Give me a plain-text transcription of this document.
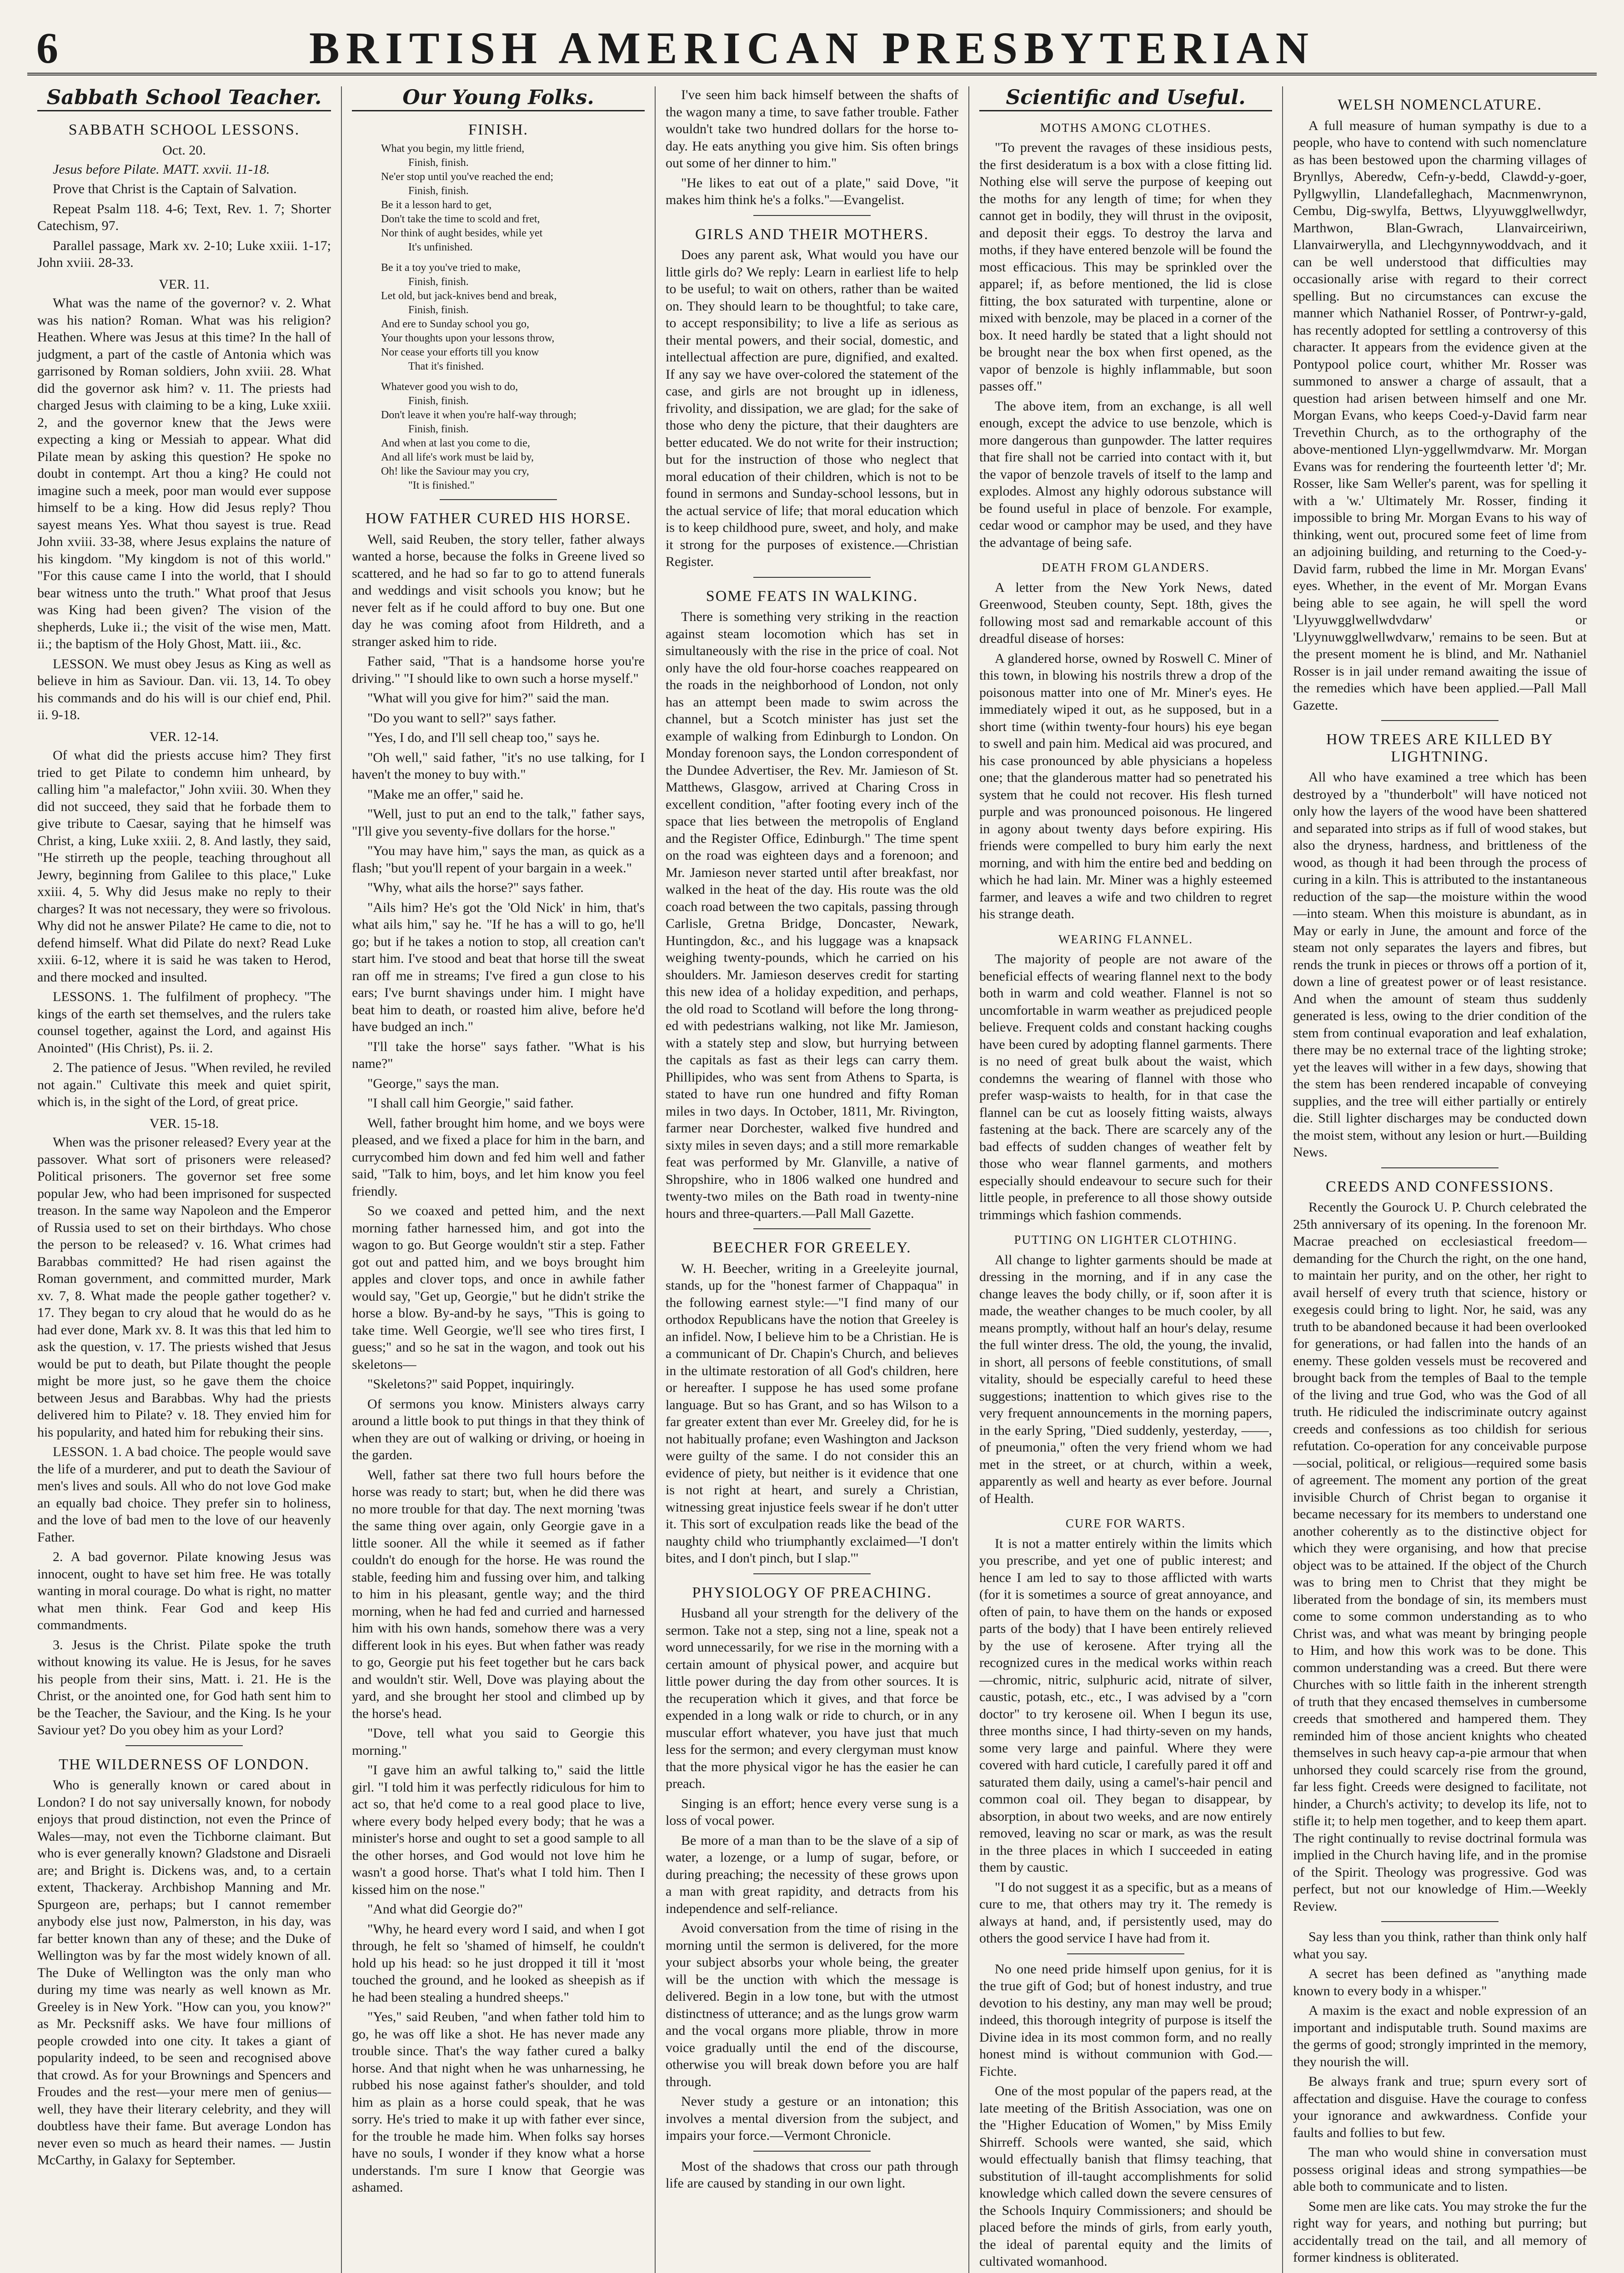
6	BRITISH AMERICAN PRESBYTERIAN
Sabbath School Teacher.
SABBATH SCHOOL LESSONS.
Oct. 20.

Jesus before Pilate. MATT. xxvii. 11-18.

Prove that Christ is the Captain of Salvation.

Repeat Psalm 118. 4-6; Text, Rev. 1. 7; Shorter Catechism, 97.

Parallel passage, Mark xv. 2-10; Luke xxiii. 1-17; John xviii. 28-33.

VER. 11.

What was the name of the governor? v. 2. What was his nation? Roman. What was his religion? Heathen. Where was Jesus at this time? In the hall of judgment, a part of the castle of Antonia which was garrisoned by Roman soldiers, John xviii. 28. What did the governor ask him? v. 11. The priests had charged Jesus with claiming to be a king, Luke xxiii. 2, and the governor knew that the Jews were expecting a king or Messiah to appear. What did Pilate mean by asking this question? He spoke no doubt in contempt. Art thou a king? He could not imagine such a meek, poor man would ever suppose himself to be a king. How did Jesus reply? Thou sayest means Yes. What thou sayest is true. Read John xviii. 33-38, where Jesus explains the nature of his kingdom. "My kingdom is not of this world." "For this cause came I into the world, that I should bear witness unto the truth." What proof that Jesus was King had been given? The vision of the shepherds, Luke ii.; the visit of the wise men, Matt. ii.; the baptism of the Holy Ghost, Matt. iii., &c.

LESSON. We must obey Jesus as King as well as believe in him as Saviour. Dan. vii. 13, 14. To obey his commands and do his will is our chief end, Phil. ii. 9-18.

VER. 12-14.

Of what did the priests accuse him? They first tried to get Pilate to condemn him unheard, by calling him "a malefactor," John xviii. 30. When they did not succeed, they said that he forbade them to give tribute to Caesar, saying that he himself was Christ, a king, Luke xxiii. 2, 8. And lastly, they said, "He stirreth up the people, teaching throughout all Jewry, beginning from Galilee to this place," Luke xxiii. 4, 5. Why did Jesus make no reply to their charges? It was not necessary, they were so frivolous. Why did not he answer Pilate? He came to die, not to defend himself. What did Pilate do next? Read Luke xxiii. 6-12, where it is said he was taken to Herod, and there mocked and insulted.

LESSONS. 1. The fulfilment of prophecy. "The kings of the earth set themselves, and the rulers take counsel together, against the Lord, and against His Anointed" (His Christ), Ps. ii. 2.

2. The patience of Jesus. "When reviled, he reviled not again." Cultivate this meek and quiet spirit, which is, in the sight of the Lord, of great price.

VER. 15-18.

When was the prisoner released? Every year at the passover. What sort of prisoners were released? Political prisoners. The governor set free some popular Jew, who had been imprisoned for suspected treason. In the same way Napoleon and the Emperor of Russia used to set on their birthdays. Who chose the person to be released? v. 16. What crimes had Barabbas committed? He had risen against the Roman government, and committed murder, Mark xv. 7, 8. What made the people gather together? v. 17. They began to cry aloud that he would do as he had ever done, Mark xv. 8. It was this that led him to ask the question, v. 17. The priests wished that Jesus would be put to death, but Pilate thought the people might be more just, so he gave them the choice between Jesus and Barabbas. Why had the priests delivered him to Pilate? v. 18. They envied him for his popularity, and hated him for rebuking their sins.

LESSON. 1. A bad choice. The people would save the life of a murderer, and put to death the Saviour of men's lives and souls. All who do not love God make an equally bad choice. They prefer sin to holiness, and the love of bad men to the love of our heavenly Father.

2. A bad governor. Pilate knowing Jesus was innocent, ought to have set him free. He was totally wanting in moral courage. Do what is right, no matter what men think. Fear God and keep His commandments.

3. Jesus is the Christ. Pilate spoke the truth without knowing its value. He is Jesus, for he saves his people from their sins, Matt. i. 21. He is the Christ, or the anointed one, for God hath sent him to be the Teacher, the Saviour, and the King. Is he your Saviour yet? Do you obey him as your Lord?

THE WILDERNESS OF LONDON.

Who is generally known or cared about in London? I do not say universally known, for nobody enjoys that proud distinction, not even the Prince of Wales—may, not even the Tichborne claimant. But who is ever generally known? Gladstone and Disraeli are; and Bright is. Dickens was, and, to a certain extent, Thackeray. Archbishop Manning and Mr. Spurgeon are, perhaps; but I cannot remember anybody else just now, Palmerston, in his day, was far better known than any of these; and the Duke of Wellington was by far the most widely known of all. The Duke of Wellington was the only man who during my time was nearly as well known as Mr. Greeley is in New York. "How can you, you know?" as Mr. Pecksniff asks. We have four millions of people crowded into one city. It takes a giant of popularity indeed, to be seen and recognised above that crowd. As for your Brownings and Spencers and Froudes and the rest—your mere men of genius—well, they have their literary celebrity, and they will doubtless have their fame. But average London has never even so much as heard their names. — Justin McCarthy, in Galaxy for September.

Our Young Folks.
FINISH.

What you begin, my little friend,

Finish, finish.

Ne'er stop until you've reached the end;

Finish, finish.

Be it a lesson hard to get,

Don't take the time to scold and fret,

Nor think of aught besides, while yet

It's unfinished.

Be it a toy you've tried to make,

Finish, finish.

Let old, but jack-knives bend and break,

Finish, finish.

And ere to Sunday school you go,

Your thoughts upon your lessons throw,

Nor cease your efforts till you know

That it's finished.

Whatever good you wish to do,

Finish, finish.

Don't leave it when you're half-way through;

Finish, finish.

And when at last you come to die,

And all life's work must be laid by,

Oh! like the Saviour may you cry,

"It is finished."

HOW FATHER CURED HIS HORSE.

Well, said Reuben, the story teller, father always wanted a horse, because the folks in Greene lived so scattered, and he had so far to go to attend funerals and weddings and visit schools you know; but he never felt as if he could afford to buy one. But one day he was coming afoot from Hildreth, and a stranger asked him to ride.

Father said, "That is a handsome horse you're driving." "I should like to own such a horse myself."

"What will you give for him?" said the man.

"Do you want to sell?" says father.

"Yes, I do, and I'll sell cheap too," says he.

"Oh well," said father, "it's no use talking, for I haven't the money to buy with."

"Make me an offer," said he.

"Well, just to put an end to the talk," father says, "I'll give you seventy-five dollars for the horse."

"You may have him," says the man, as quick as a flash; "but you'll repent of your bargain in a week."

"Why, what ails the horse?" says father.

"Ails him? He's got the 'Old Nick' in him, that's what ails him," say he. "If he has a will to go, he'll go; but if he takes a notion to stop, all creation can't start him. I've stood and beat that horse till the sweat ran off me in streams; I've fired a gun close to his ears; I've burnt shavings under him. I might have beat him to death, or roasted him alive, before he'd have budged an inch."

"I'll take the horse" says father. "What is his name?"

"George," says the man.

"I shall call him Georgie," said father.

Well, father brought him home, and we boys were pleased, and we fixed a place for him in the barn, and currycombed him down and fed him well and father said, "Talk to him, boys, and let him know you feel friendly.

So we coaxed and petted him, and the next morning father harnessed him, and got into the wagon to go. But George wouldn't stir a step. Father got out and patted him, and we boys brought him apples and clover tops, and once in awhile father would say, "Get up, Georgie," but he didn't strike the horse a blow. By-and-by he says, "This is going to take time. Well Georgie, we'll see who tires first, I guess;" and so he sat in the wagon, and took out his skeletons—

"Skeletons?" said Poppet, inquiringly.

Of sermons you know. Ministers always carry around a little book to put things in that they think of when they are out of walking or driving, or hoeing in the garden.

Well, father sat there two full hours before the horse was ready to start; but, when he did there was no more trouble for that day. The next morning 'twas the same thing over again, only Georgie gave in a little sooner. All the while it seemed as if father couldn't do enough for the horse. He was round the stable, feeding him and fussing over him, and talking to him in his pleasant, gentle way; and the third morning, when he had fed and curried and harnessed him with his own hands, somehow there was a very different look in his eyes. But when father was ready to go, Georgie put his feet together but he cars back and wouldn't stir. Well, Dove was playing about the yard, and she brought her stool and climbed up by the horse's head.

"Dove, tell what you said to Georgie this morning."

"I gave him an awful talking to," said the little girl. "I told him it was perfectly ridiculous for him to act so, that he'd come to a real good place to live, where every body helped every body; that he was a minister's horse and ought to set a good sample to all the other horses, and God would not love him he wasn't a good horse. That's what I told him. Then I kissed him on the nose."

"And what did Georgie do?"

"Why, he heard every word I said, and when I got through, he felt so 'shamed of himself, he couldn't hold up his head: so he just dropped it till it 'most touched the ground, and he looked as sheepish as if he had been stealing a hundred sheeps."

"Yes," said Reuben, "and when father told him to go, he was off like a shot. He has never made any trouble since. That's the way father cured a balky horse. And that night when he was unharnessing, he rubbed his nose against father's shoulder, and told him as plain as a horse could speak, that he was sorry. He's tried to make it up with father ever since, for the trouble he made him. When folks say horses have no souls, I wonder if they know what a horse understands. I'm sure I know that Georgie was ashamed.

I've seen him back himself between the shafts of the wagon many a time, to save father trouble. Father wouldn't take two hundred dollars for the horse to-day. He eats anything you give him. Sis often brings out some of her dinner to him."

"He likes to eat out of a plate," said Dove, "it makes him think he's a folks."—Evangelist.

GIRLS AND THEIR MOTHERS.

Does any parent ask, What would you have our little girls do? We reply: Learn in earliest life to help to be useful; to wait on others, rather than be waited on. They should learn to be thoughtful; to take care, to accept responsibility; to live a life as serious as their mental powers, and their social, domestic, and intellectual affection are pure, dignified, and exalted. If any say we have over-colored the statement of the case, and girls are not brought up in idleness, frivolity, and dissipation, we are glad; for the sake of those who deny the picture, that their daughters are better educated. We do not write for their instruction; but for the instruction of those who neglect that moral education of their children, which is not to be found in sermons and Sunday-school lessons, but in the actual service of life; that moral education which is to keep childhood pure, sweet, and holy, and make it strong for the purposes of existence.—Christian Register.

SOME FEATS IN WALKING.

There is something very striking in the reaction against steam locomotion which has set in simultaneously with the rise in the price of coal. Not only have the old four-horse coaches reappeared on the roads in the neighborhood of London, not only has an attempt been made to swim across the channel, but a Scotch minister has just set the example of walking from Edinburgh to London. On Monday forenoon says, the London correspondent of the Dundee Advertiser, the Rev. Mr. Jamieson of St. Matthews, Glasgow, arrived at Charing Cross in excellent condition, "after footing every inch of the space that lies between the metropolis of England and the Register Office, Edinburgh." The time spent on the road was eighteen days and a forenoon; and Mr. Jamieson never started until after breakfast, nor walked in the heat of the day. His route was the old coach road between the two capitals, passing through Carlisle, Gretna Bridge, Doncaster, Newark, Huntingdon, &c., and his luggage was a knapsack weighing twenty-pounds, which he carried on his shoulders. Mr. Jamieson deserves credit for starting this new idea of a holiday expedition, and perhaps, the old road to Scotland will before the long throng-ed with pedestrians walking, not like Mr. Jamieson, with a stately step and slow, but hurrying between the capitals as fast as their legs can carry them. Phillipides, who was sent from Athens to Sparta, is stated to have run one hundred and fifty Roman miles in two days. In October, 1811, Mr. Rivington, farmer near Dorchester, walked five hundred and sixty miles in seven days; and a still more remarkable feat was performed by Mr. Glanville, a native of Shropshire, who in 1806 walked one hundred and twenty-two miles on the Bath road in twenty-nine hours and three-quarters.—Pall Mall Gazette.

BEECHER FOR GREELEY.

W. H. Beecher, writing in a Greeleyite journal, stands, up for the "honest farmer of Chappaqua" in the following earnest style:—"I find many of our orthodox Republicans have the notion that Greeley is an infidel. Now, I believe him to be a Christian. He is a communicant of Dr. Chapin's Church, and believes in the ultimate restoration of all God's children, here or hereafter. I suppose he has used some profane language. But so has Grant, and so has Wilson to a far greater extent than ever Mr. Greeley did, for he is not habitually profane; even Washington and Jackson were guilty of the same. I do not consider this an evidence of piety, but neither is it evidence that one is not right at heart, and surely a Christian, witnessing great injustice feels swear if he don't utter it. This sort of exculpation reads like the bead of the naughty child who triumphantly exclaimed—'I don't bites, and I don't pinch, but I slap.'"

PHYSIOLOGY OF PREACHING.

Husband all your strength for the delivery of the sermon. Take not a step, sing not a line, speak not a word unnecessarily, for we rise in the morning with a certain amount of physical power, and acquire but little power during the day from other sources. It is the recuperation which it gives, and that force be expended in a long walk or ride to church, or in any muscular effort whatever, you have just that much less for the sermon; and every clergyman must know that the more physical vigor he has the easier he can preach.

Singing is an effort; hence every verse sung is a loss of vocal power.

Be more of a man than to be the slave of a sip of water, a lozenge, or a lump of sugar, before, or during preaching; the necessity of these grows upon a man with great rapidity, and detracts from his independence and self-reliance.

Avoid conversation from the time of rising in the morning until the sermon is delivered, for the more your subject absorbs your whole being, the greater will be the unction with which the message is delivered. Begin in a low tone, but with the utmost distinctness of utterance; and as the lungs grow warm and the vocal organs more pliable, throw in more voice gradually until the end of the discourse, otherwise you will break down before you are half through.

Never study a gesture or an intonation; this involves a mental diversion from the subject, and impairs your force.—Vermont Chronicle.

Most of the shadows that cross our path through life are caused by standing in our own light.

Scientific and Useful.
MOTHS AMONG CLOTHES.

"To prevent the ravages of these insidious pests, the first desideratum is a box with a close fitting lid. Nothing else will serve the purpose of keeping out the moths for any length of time; for when they cannot get in bodily, they will thrust in the oviposit, and deposit their eggs. To destroy the larva and moths, if they have entered benzole will be found the most efficacious. This may be sprinkled over the apparel; if, as before mentioned, the lid is close fitting, the box saturated with turpentine, alone or mixed with benzole, may be placed in a corner of the box. It need hardly be stated that a light should not be brought near the box when first opened, as the vapor of benzole is highly inflammable, but soon passes off."

The above item, from an exchange, is all well enough, except the advice to use benzole, which is more dangerous than gunpowder. The latter requires that fire shall not be carried into contact with it, but the vapor of benzole travels of itself to the lamp and explodes. Almost any highly odorous substance will be found useful in place of benzole. For example, cedar wood or camphor may be used, and they have the advantage of being safe.

DEATH FROM GLANDERS.

A letter from the New York News, dated Greenwood, Steuben county, Sept. 18th, gives the following most sad and remarkable account of this dreadful disease of horses:

A glandered horse, owned by Roswell C. Miner of this town, in blowing his nostrils threw a drop of the poisonous matter into one of Mr. Miner's eyes. He immediately wiped it out, as he supposed, but in a short time (within twenty-four hours) his eye began to swell and pain him. Medical aid was procured, and his case pronounced by able physicians a hopeless one; that the glanderous matter had so penetrated his system that he could not recover. His flesh turned purple and was pronounced poisonous. He lingered in agony about twenty days before expiring. His friends were compelled to bury him early the next morning, and with him the entire bed and bedding on which he had lain. Mr. Miner was a highly esteemed farmer, and leaves a wife and two children to regret his strange death.

WEARING FLANNEL.

The majority of people are not aware of the beneficial effects of wearing flannel next to the body both in warm and cold weather. Flannel is not so uncomfortable in warm weather as prejudiced people believe. Frequent colds and constant hacking coughs have been cured by adopting flannel garments. There is no need of great bulk about the waist, which condemns the wearing of flannel with those who prefer wasp-waists to health, for in that case the flannel can be cut as loosely fitting waists, always fastening at the back. There are scarcely any of the bad effects of sudden changes of weather felt by those who wear flannel garments, and mothers especially should endeavour to secure such for their little people, in preference to all those showy outside trimmings which fashion commends.

PUTTING ON LIGHTER CLOTHING.

All change to lighter garments should be made at dressing in the morning, and if in any case the change leaves the body chilly, or if, soon after it is made, the weather changes to be much cooler, by all means promptly, without half an hour's delay, resume the full winter dress. The old, the young, the invalid, in short, all persons of feeble constitutions, of small vitality, should be especially careful to heed these suggestions; inattention to which gives rise to the very frequent announcements in the morning papers, in the early Spring, "Died suddenly, yesterday, ——, of pneumonia," often the very friend whom we had met in the street, or at church, within a week, apparently as well and hearty as ever before. Journal of Health.

CURE FOR WARTS.

It is not a matter entirely within the limits which you prescribe, and yet one of public interest; and hence I am led to say to those afflicted with warts (for it is sometimes a source of great annoyance, and often of pain, to have them on the hands or exposed parts of the body) that I have been entirely relieved by the use of kerosene. After trying all the recognized cures in the medical works within reach—chromic, nitric, sulphuric acid, nitrate of silver, caustic, potash, etc., etc., I was advised by a "corn doctor" to try kerosene oil. When I begun its use, three months since, I had thirty-seven on my hands, some very large and painful. Where they were covered with hard cuticle, I carefully pared it off and saturated them daily, using a camel's-hair pencil and common coal oil. They began to disappear, by absorption, in about two weeks, and are now entirely removed, leaving no scar or mark, as was the result in the three places in which I succeeded in eating them by caustic.

"I do not suggest it as a specific, but as a means of cure to me, that others may try it. The remedy is always at hand, and, if persistently used, may do others the good service I have had from it.

No one need pride himself upon genius, for it is the true gift of God; but of honest industry, and true devotion to his destiny, any man may well be proud; indeed, this thorough integrity of purpose is itself the Divine idea in its most common form, and no really honest mind is without communion with God.—Fichte.

One of the most popular of the papers read, at the late meeting of the British Association, was one on the "Higher Education of Women," by Miss Emily Shirreff. Schools were wanted, she said, which would effectually banish that flimsy teaching, that substitution of ill-taught accomplishments for solid knowledge which called down the severe censures of the Schools Inquiry Commissioners; and should be placed before the minds of girls, from early youth, the ideal of parental equity and the limits of cultivated womanhood.

WELSH NOMENCLATURE.

A full measure of human sympathy is due to a people, who have to contend with such nomenclature as has been bestowed upon the charming villages of Brynllys, Aberedw, Cefn-y-bedd, Clawdd-y-goer, Pyllgwyllin, Llandefalleghach, Macnmenwrynon, Cembu, Dig-swylfa, Bettws, Llyyuwgglwellwdyr, Marthwon, Blan-Gwrach, Llanvairceiriwn, Llanvairwerylla, and Llechgynnywoddvach, and it can be well understood that difficulties may occasionally arise with regard to their correct spelling. But no circumstances can excuse the manner which Nathaniel Rosser, of Pontrwr-y-gald, has recently adopted for settling a controversy of this character. It appears from the evidence given at the Pontypool police court, whither Mr. Rosser was summoned to answer a charge of assault, that a question had arisen between himself and one Mr. Morgan Evans, who keeps Coed-y-David farm near Trevethin Church, as to the orthography of the above-mentioned Llyn-yggellwmdvarw. Mr. Morgan Evans was for rendering the fourteenth letter 'd'; Mr. Rosser, like Sam Weller's parent, was for spelling it with a 'w.' Ultimately Mr. Rosser, finding it impossible to bring Mr. Morgan Evans to his way of thinking, went out, procured some feet of lime from an adjoining building, and returning to the Coed-y-David farm, rubbed the lime in Mr. Morgan Evans' eyes. Whether, in the event of Mr. Morgan Evans being able to see again, he will spell the word 'Llyyuwgglwellwdvdarw' or 'Llyynuwgglwellwdvarw,' remains to be seen. But at the present moment he is blind, and Mr. Nathaniel Rosser is in jail under remand awaiting the issue of the remedies which have been applied.—Pall Mall Gazette.

HOW TREES ARE KILLED BY LIGHTNING.

All who have examined a tree which has been destroyed by a "thunderbolt" will have noticed not only how the layers of the wood have been shattered and separated into strips as if full of wood stakes, but also the dryness, hardness, and brittleness of the wood, as though it had been through the process of curing in a kiln. This is attributed to the instantaneous reduction of the sap—the moisture within the wood—into steam. When this moisture is abundant, as in May or early in June, the amount and force of the steam not only separates the layers and fibres, but rends the trunk in pieces or throws off a portion of it, down a line of greatest power or of least resistance. And when the amount of steam thus suddenly generated is less, owing to the drier condition of the stem from continual evaporation and leaf exhalation, there may be no external trace of the lighting stroke; yet the leaves will wither in a few days, showing that the stem has been rendered incapable of conveying supplies, and the tree will either partially or entirely die. Still lighter discharges may be conducted down the moist stem, without any lesion or hurt.—Building News.

CREEDS AND CONFESSIONS.

Recently the Gourock U. P. Church celebrated the 25th anniversary of its opening. In the forenoon Mr. Macrae preached on ecclesiastical freedom—demanding for the Church the right, on the one hand, to maintain her purity, and on the other, her right to avail herself of every truth that science, history or exegesis could bring to light. Nor, he said, was any truth to be abandoned because it had been overlooked for generations, or had fallen into the hands of an enemy. These golden vessels must be recovered and brought back from the temples of Baal to the temple of the living and true God, who was the God of all truth. He ridiculed the indiscriminate outcry against creeds and confessions as too childish for serious refutation. Co-operation for any conceivable purpose—social, political, or religious—required some basis of agreement. The moment any portion of the great invisible Church of Christ began to organise it became necessary for its members to understand one another coherently as to the distinctive object for which they were organising, and how that precise object was to be attained. If the object of the Church was to bring men to Christ that they might be liberated from the bondage of sin, its members must come to some common understanding as to who Christ was, and what was meant by bringing people to Him, and how this work was to be done. This common understanding was a creed. But there were Churches with so little faith in the inherent strength of truth that they encased themselves in cumbersome creeds that smothered and hampered them. They reminded him of those ancient knights who cheated themselves in such heavy cap-a-pie armour that when unhorsed they could scarcely rise from the ground, far less fight. Creeds were designed to facilitate, not hinder, a Church's activity; to develop its life, not to stifle it; to help men together, and to keep them apart. The right continually to revise doctrinal formula was implied in the Church having life, and in the promise of the Spirit. Theology was progressive. God was perfect, but not our knowledge of Him.—Weekly Review.

Say less than you think, rather than think only half what you say.

A secret has been defined as "anything made known to every body in a whisper."

A maxim is the exact and noble expression of an important and indisputable truth. Sound maxims are the germs of good; strongly imprinted in the memory, they nourish the will.

Be always frank and true; spurn every sort of affectation and disguise. Have the courage to confess your ignorance and awkwardness. Confide your faults and follies to but few.

The man who would shine in conversation must possess original ideas and strong sympathies—be able both to communicate and to listen.

Some men are like cats. You may stroke the fur the right way for years, and nothing but purring; but accidentally tread on the tail, and all memory of former kindness is obliterated.
